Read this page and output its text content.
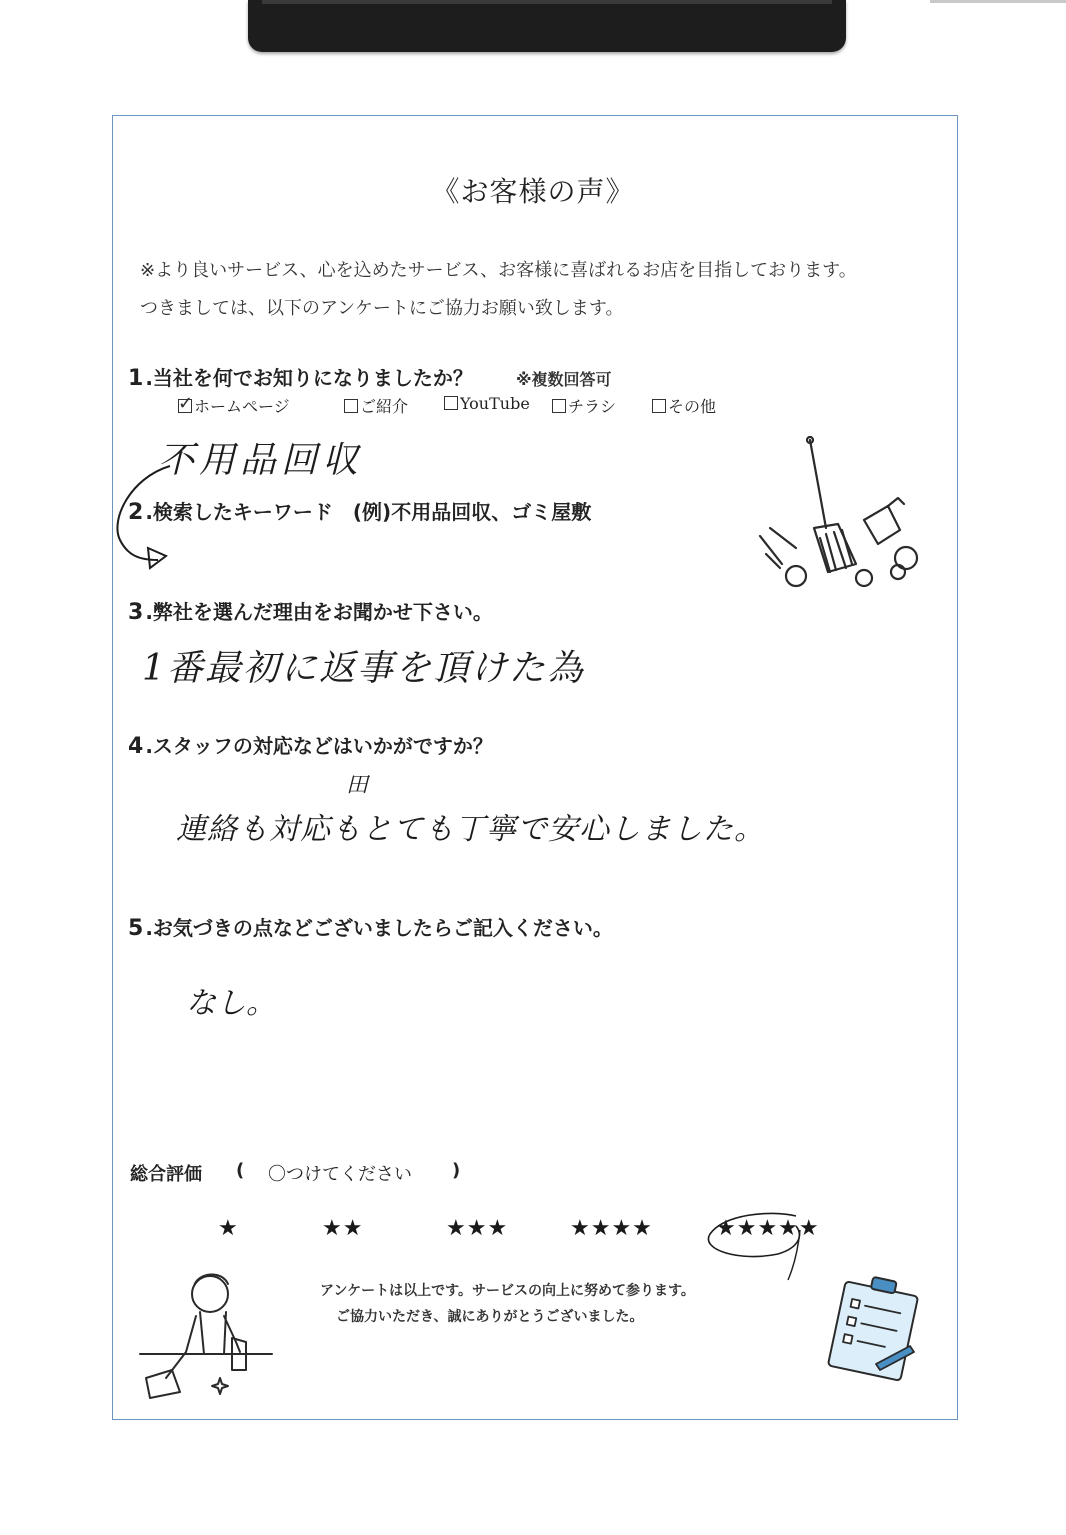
《お客様の声》
※より良いサービス、心を込めたサービス、お客様に喜ばれるお店を目指しております。
つきましては、以下のアンケートにご協力お願い致します。
1 .当社を何でお知りになりましたか？	※複数回答可
✓ ホームページ	ご紹介	YouTube	チラシ	その他
不用品回収
2 .検索したキーワード　(例)不用品回収、ゴミ屋敷
3 .弊社を選んだ理由をお聞かせ下さい。
1番最初に返事を頂けた為
4 .スタッフの対応などはいかがですか？
田
連絡も対応もとても丁寧で安心しました。
5 .お気づきの点などございましたらご記入ください。
なし。
総合評価 ( 〇つけてください )
★	★★	★★★	★★★★	★★★★★
アンケートは以上です。サービスの向上に努めて参ります。
ご協力いただき、誠にありがとうございました。
